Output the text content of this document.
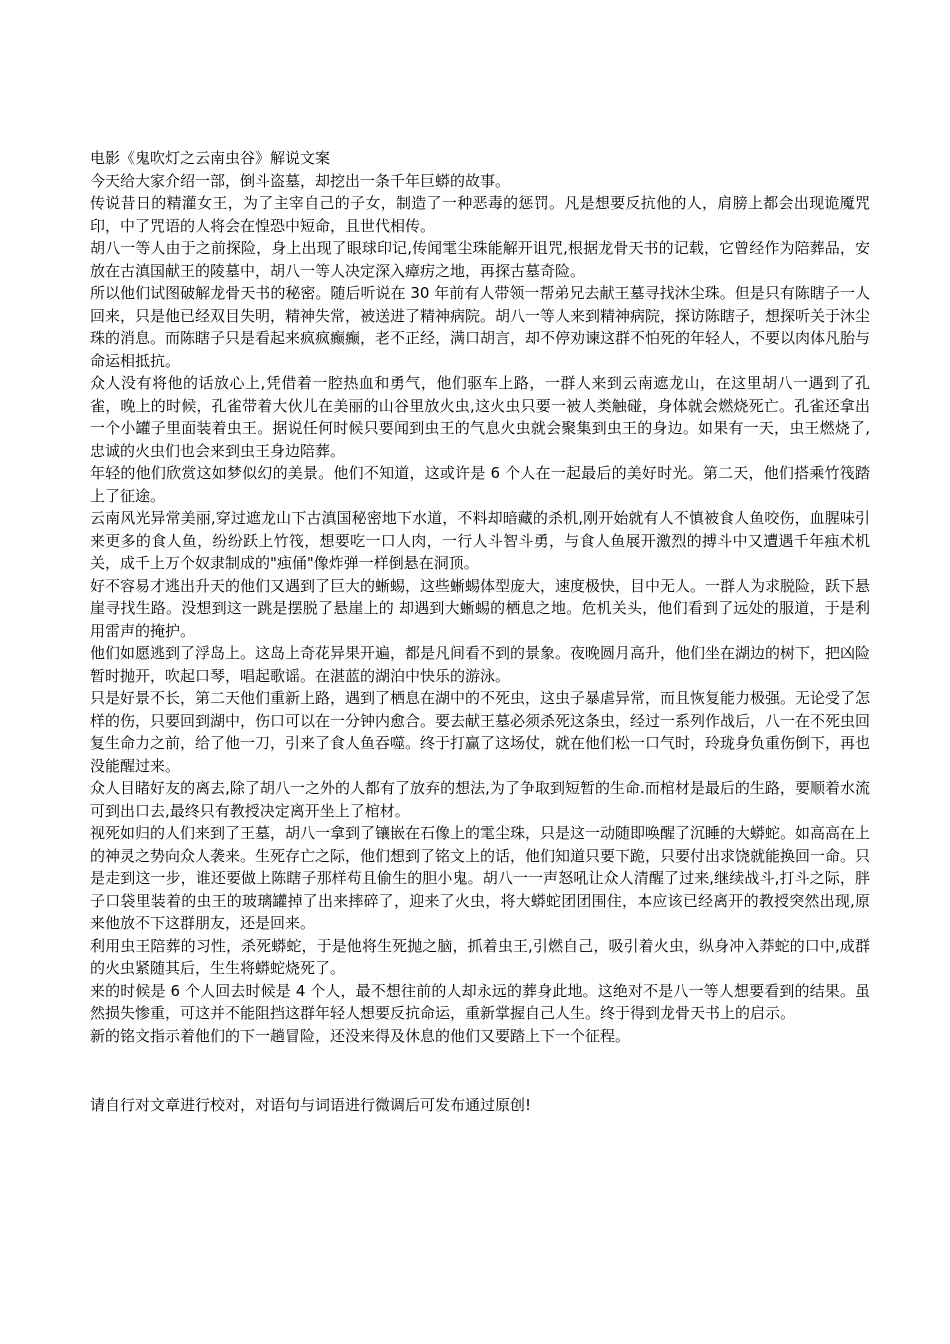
电影《鬼吹灯之云南虫谷》解说文案

今天给大家介绍一部，倒斗盗墓，却挖出一条千年巨蟒的故事。

传说昔日的精灌女王，为了主宰自己的子女，制造了一种恶毒的惩罚。凡是想要反抗他的人，肩膀上都会出现诡魇咒印，中了咒语的人将会在惶恐中短命，且世代相传。

胡八一等人由于之前探险，身上出现了眼球印记,传闻雮尘珠能解开诅咒,根据龙骨天书的记载，它曾经作为陪葬品，安放在古滇国献王的陵墓中，胡八一等人决定深入瘴疠之地，再探古墓奇险。

所以他们试图破解龙骨天书的秘密。随后听说在 30 年前有人带领一帮弟兄去献王墓寻找沐尘珠。但是只有陈瞎子一人回来，只是他已经双目失明，精神失常，被送进了精神病院。胡八一等人来到精神病院，探访陈瞎子，想探听关于沐尘珠的消息。而陈瞎子只是看起来疯疯癫癫，老不正经，满口胡言，却不停劝谏这群不怕死的年轻人，不要以肉体凡胎与命运相抵抗。

众人没有将他的话放心上,凭借着一腔热血和勇气，他们驱车上路，一群人来到云南遮龙山，在这里胡八一遇到了孔雀，晚上的时候，孔雀带着大伙儿在美丽的山谷里放火虫,这火虫只要一被人类触碰，身体就会燃烧死亡。孔雀还拿出一个小罐子里面装着虫王。据说任何时候只要闻到虫王的气息火虫就会聚集到虫王的身边。如果有一天，虫王燃烧了,忠诚的火虫们也会来到虫王身边陪葬。

年轻的他们欣赏这如梦似幻的美景。他们不知道，这或许是 6 个人在一起最后的美好时光。第二天，他们搭乘竹筏踏上了征途。

云南风光异常美丽,穿过遮龙山下古滇国秘密地下水道，不料却暗藏的杀机,刚开始就有人不慎被食人鱼咬伤，血腥味引来更多的食人鱼，纷纷跃上竹筏，想要吃一口人肉，一行人斗智斗勇，与食人鱼展开激烈的搏斗中又遭遇千年痋术机关，成千上万个奴隶制成的"痋俑"像炸弹一样倒悬在洞顶。

好不容易才逃出升天的他们又遇到了巨大的蜥蜴，这些蜥蜴体型庞大，速度极快，目中无人。一群人为求脱险，跃下悬崖寻找生路。没想到这一跳是摆脱了悬崖上的 却遇到大蜥蜴的栖息之地。危机关头，他们看到了远处的服道，于是利用雷声的掩护。

他们如愿逃到了浮岛上。这岛上奇花异果开遍，都是凡间看不到的景象。夜晚圆月高升，他们坐在湖边的树下，把凶险暂时抛开，吹起口琴，唱起歌谣。在湛蓝的湖泊中快乐的游泳。

只是好景不长，第二天他们重新上路，遇到了栖息在湖中的不死虫，这虫子暴虐异常，而且恢复能力极强。无论受了怎样的伤，只要回到湖中，伤口可以在一分钟内愈合。要去献王墓必须杀死这条虫，经过一系列作战后，八一在不死虫回复生命力之前，给了他一刀，引来了食人鱼吞噬。终于打赢了这场仗，就在他们松一口气时，玲珑身负重伤倒下，再也没能醒过来。

众人目睹好友的离去,除了胡八一之外的人都有了放弃的想法,为了争取到短暂的生命.而棺材是最后的生路，要顺着水流可到出口去,最终只有教授决定离开坐上了棺材。

视死如归的人们来到了王墓，胡八一拿到了镶嵌在石像上的雮尘珠，只是这一动随即唤醒了沉睡的大蟒蛇。如高高在上的神灵之势向众人袭来。生死存亡之际，他们想到了铭文上的话，他们知道只要下跪，只要付出求饶就能换回一命。只是走到这一步，谁还要做上陈瞎子那样苟且偷生的胆小鬼。胡八一一声怒吼让众人清醒了过来,继续战斗,打斗之际，胖子口袋里装着的虫王的玻璃罐掉了出来摔碎了，迎来了火虫，将大蟒蛇团团围住，本应该已经离开的教授突然出现,原来他放不下这群朋友，还是回来。

利用虫王陪葬的习性，杀死蟒蛇，于是他将生死抛之脑，抓着虫王,引燃自己，吸引着火虫，纵身冲入莽蛇的口中,成群的火虫紧随其后，生生将蟒蛇烧死了。

来的时候是 6 个人回去时候是 4 个人，最不想往前的人却永远的葬身此地。这绝对不是八一等人想要看到的结果。虽然损失惨重，可这并不能阻挡这群年轻人想要反抗命运，重新掌握自己人生。终于得到龙骨天书上的启示。

新的铭文指示着他们的下一趟冒险，还没来得及休息的他们又要踏上下一个征程。

请自行对文章进行校对，对语句与词语进行微调后可发布通过原创!
